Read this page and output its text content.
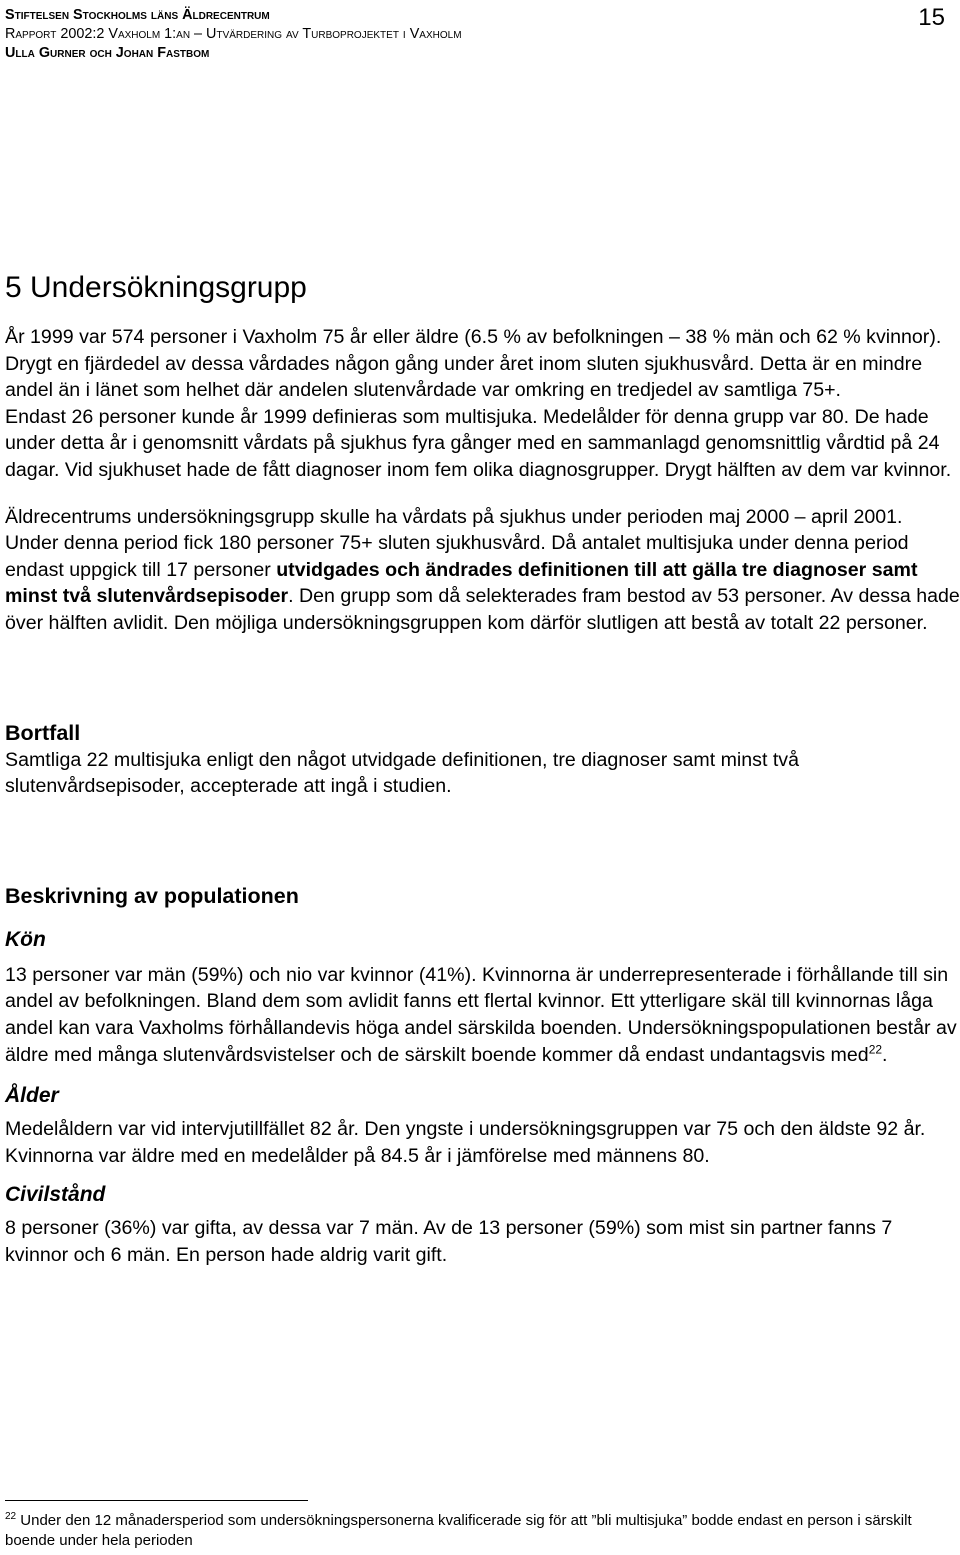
Stiftelsen Stockholms läns Äldrecentrum
Rapport 2002:2 Vaxholm 1:an – Utvärdering av Turboprojektet i Vaxholm
Ulla Gurner och Johan Fastbom
15
5 Undersökningsgrupp
År 1999 var 574 personer i Vaxholm 75 år eller äldre (6.5 % av befolkningen – 38 % män och 62 % kvinnor). Drygt en fjärdedel av dessa vårdades någon gång under året inom sluten sjukhusvård. Detta är en mindre andel än i länet som helhet där andelen slutenvårdade var omkring en tredjedel av samtliga 75+.
Endast 26 personer kunde år 1999 definieras som multisjuka. Medelålder för denna grupp var 80. De hade under detta år i genomsnitt vårdats på sjukhus fyra gånger med en sammanlagd genomsnittlig vårdtid på 24 dagar. Vid sjukhuset hade de fått diagnoser inom fem olika diagnosgrupper. Drygt hälften av dem var kvinnor.
Äldrecentrums undersökningsgrupp skulle ha vårdats på sjukhus under perioden maj 2000 – april 2001. Under denna period fick 180 personer 75+ sluten sjukhusvård. Då antalet multisjuka under denna period endast uppgick till 17 personer utvidgades och ändrades definitionen till att gälla tre diagnoser samt minst två slutenvårdsepisoder. Den grupp som då selekterades fram bestod av 53 personer. Av dessa hade över hälften avlidit. Den möjliga undersökningsgruppen kom därför slutligen att bestå av totalt 22 personer.
Bortfall
Samtliga 22 multisjuka enligt den något utvidgade definitionen, tre diagnoser samt minst två slutenvårdsepisoder, accepterade att ingå i studien.
Beskrivning av populationen
Kön
13 personer var män (59%) och nio var kvinnor (41%). Kvinnorna är underrepresenterade i förhållande till sin andel av befolkningen. Bland dem som avlidit fanns ett flertal kvinnor. Ett ytterligare skäl till kvinnornas låga andel kan vara Vaxholms förhållandevis höga andel särskilda boenden. Undersökningspopulationen består av äldre med många slutenvårdsvistelser och de särskilt boende kommer då endast undantagsvis med$^{22}$.
Ålder
Medelåldern var vid intervjutillfället 82 år. Den yngste i undersökningsgruppen var 75 och den äldste 92 år. Kvinnorna var äldre med en medelålder på 84.5 år i jämförelse med männens 80.
Civilstånd
8 personer (36%) var gifta, av dessa var 7 män. Av de 13 personer (59%) som mist sin partner fanns 7 kvinnor och 6 män. En person hade aldrig varit gift.
$^{22}$ Under den 12 månadersperiod som undersökningspersonerna kvalificerade sig för att ”bli multisjuka” bodde endast en person i särskilt boende under hela perioden
